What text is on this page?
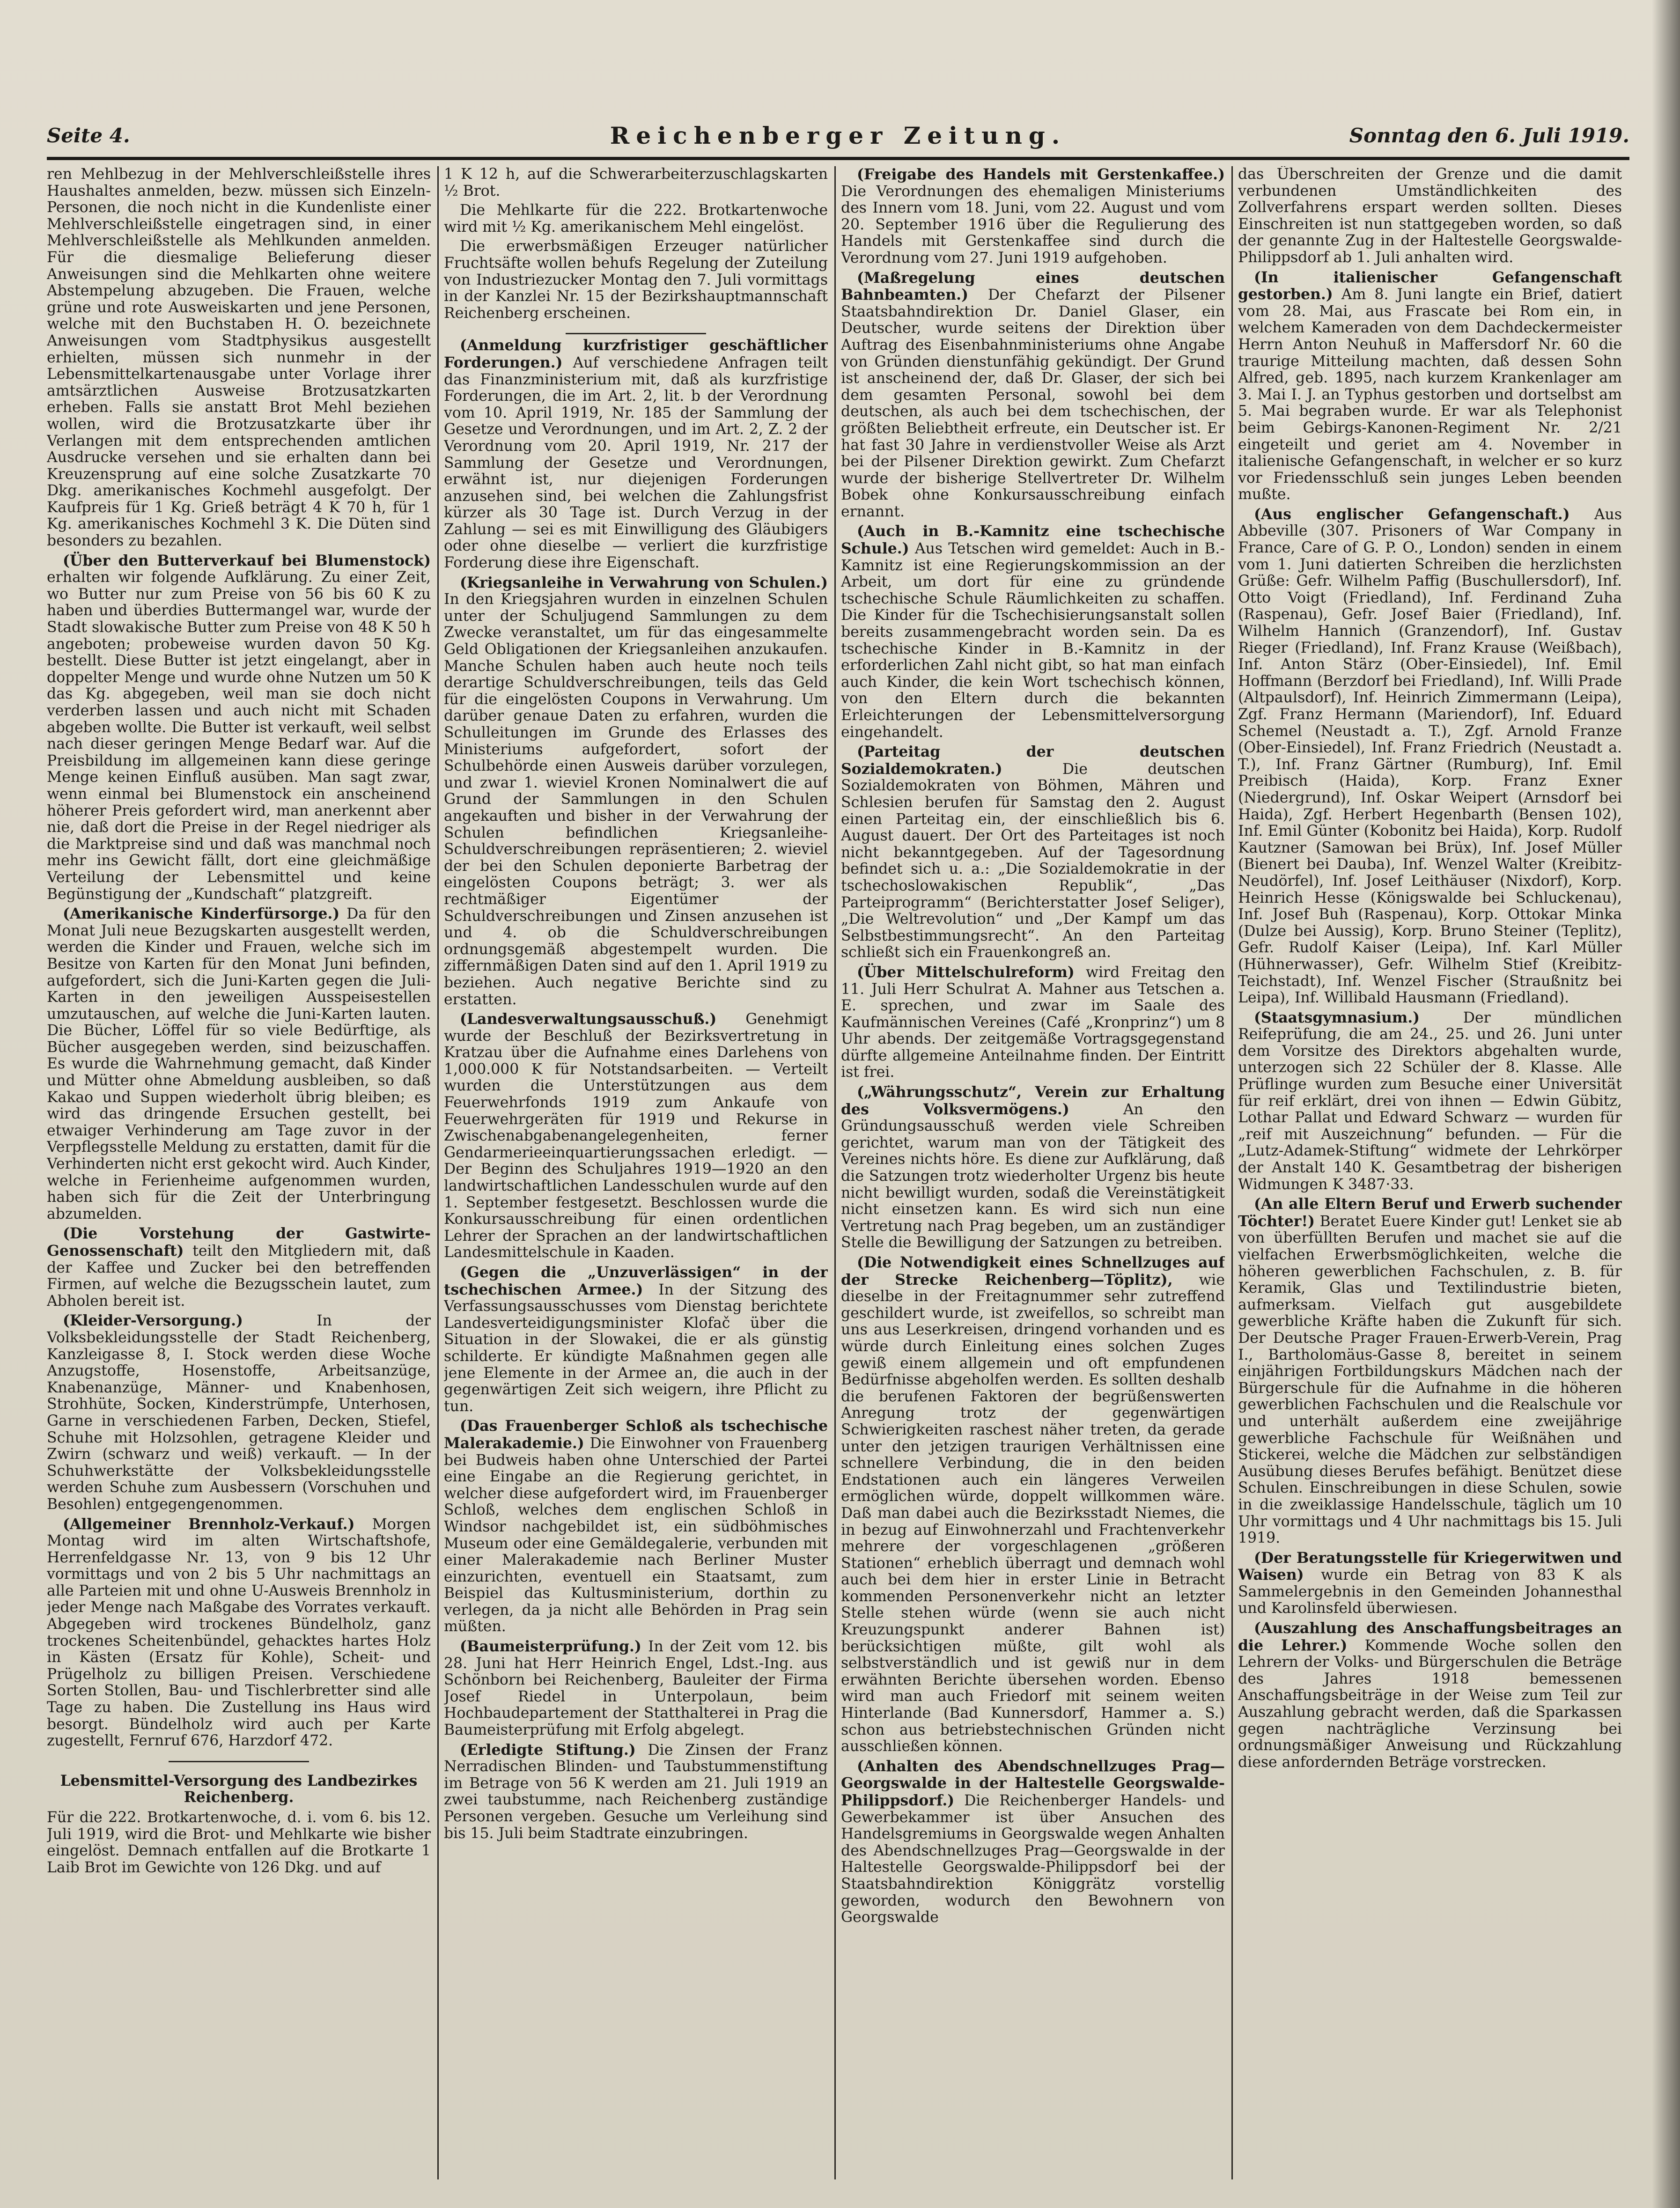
Seite 4.	Reichenberger Zeitung.	Sonntag den 6. Juli 1919.

ren Mehlbezug in der Mehlverschleißstelle ihres Haushaltes anmelden, bezw. müssen sich Einzeln-Personen, die noch nicht in die Kundenliste einer Mehlverschleißstelle eingetragen sind, in einer Mehlverschleißstelle als Mehlkunden anmelden. Für die diesmalige Belieferung dieser Anweisungen sind die Mehlkarten ohne weitere Abstempelung abzugeben. Die Frauen, welche grüne und rote Ausweiskarten und jene Personen, welche mit den Buchstaben H. O. bezeichnete Anweisungen vom Stadtphysikus ausgestellt erhielten, müssen sich nunmehr in der Lebensmittelkartenausgabe unter Vorlage ihrer amtsärztlichen Ausweise Brotzusatzkarten erheben. Falls sie anstatt Brot Mehl beziehen wollen, wird die Brotzusatzkarte über ihr Verlangen mit dem entsprechenden amtlichen Ausdrucke versehen und sie erhalten dann bei Kreuzensprung auf eine solche Zusatzkarte 70 Dkg. amerikanisches Kochmehl ausgefolgt. Der Kaufpreis für 1 Kg. Grieß beträgt 4 K 70 h, für 1 Kg. amerikanisches Kochmehl 3 K. Die Düten sind besonders zu bezahlen.

(Über den Butterverkauf bei Blumenstock) erhalten wir folgende Aufklärung. Zu einer Zeit, wo Butter nur zum Preise von 56 bis 60 K zu haben und überdies Buttermangel war, wurde der Stadt slowakische Butter zum Preise von 48 K 50 h angeboten; probeweise wurden davon 50 Kg. bestellt. Diese Butter ist jetzt eingelangt, aber in doppelter Menge und wurde ohne Nutzen um 50 K das Kg. abgegeben, weil man sie doch nicht verderben lassen und auch nicht mit Schaden abgeben wollte. Die Butter ist verkauft, weil selbst nach dieser geringen Menge Bedarf war. Auf die Preisbildung im allgemeinen kann diese geringe Menge keinen Einfluß ausüben. Man sagt zwar, wenn einmal bei Blumenstock ein anscheinend höherer Preis gefordert wird, man anerkennt aber nie, daß dort die Preise in der Regel niedriger als die Marktpreise sind und daß was manchmal noch mehr ins Gewicht fällt, dort eine gleichmäßige Verteilung der Lebensmittel und keine Begünstigung der „Kundschaft“ platzgreift.

(Amerikanische Kinderfürsorge.) Da für den Monat Juli neue Bezugskarten ausgestellt werden, werden die Kinder und Frauen, welche sich im Besitze von Karten für den Monat Juni befinden, aufgefordert, sich die Juni-Karten gegen die Juli-Karten in den jeweiligen Ausspeisestellen umzutauschen, auf welche die Juni-Karten lauten. Die Bücher, Löffel für so viele Bedürftige, als Bücher ausgegeben werden, sind beizuschaffen. Es wurde die Wahrnehmung gemacht, daß Kinder und Mütter ohne Abmeldung ausbleiben, so daß Kakao und Suppen wiederholt übrig bleiben; es wird das dringende Ersuchen gestellt, bei etwaiger Verhinderung am Tage zuvor in der Verpflegsstelle Meldung zu erstatten, damit für die Verhinderten nicht erst gekocht wird. Auch Kinder, welche in Ferienheime aufgenommen wurden, haben sich für die Zeit der Unterbringung abzumelden.

(Die Vorstehung der Gastwirte-Genossenschaft) teilt den Mitgliedern mit, daß der Kaffee und Zucker bei den betreffenden Firmen, auf welche die Bezugsschein lautet, zum Abholen bereit ist.

(Kleider-Versorgung.)	In der Volksbekleidungsstelle der Stadt Reichenberg, Kanzleigasse 8, I. Stock werden diese Woche Anzugstoffe, Hosenstoffe, Arbeitsanzüge, Knabenanzüge, Männer- und Knabenhosen, Strohhüte, Socken, Kinderstrümpfe, Unterhosen, Garne in verschiedenen Farben, Decken, Stiefel, Schuhe mit Holzsohlen, getragene Kleider und Zwirn (schwarz und weiß) verkauft. — In der Schuhwerkstätte der Volksbekleidungsstelle werden Schuhe zum Ausbessern (Vorschuhen und Besohlen) entgegengenommen.

(Allgemeiner Brennholz-Verkauf.) Morgen Montag wird im alten Wirtschaftshofe, Herrenfeldgasse Nr. 13, von 9 bis 12 Uhr vormittags und von 2 bis 5 Uhr nachmittags an alle Parteien mit und ohne U-Ausweis Brennholz in jeder Menge nach Maßgabe des Vorrates verkauft. Abgegeben wird trockenes Bündelholz, ganz trockenes Scheitenbündel, gehacktes hartes Holz in Kästen (Ersatz für Kohle), Scheit- und Prügelholz zu billigen Preisen. Verschiedene Sorten Stollen, Bau- und Tischlerbretter sind alle Tage zu haben. Die Zustellung ins Haus wird besorgt. Bündelholz wird auch per Karte zugestellt, Fernruf 676, Harzdorf 472.

Lebensmittel-Versorgung des Landbezirkes Reichenberg.

Für die 222. Brotkartenwoche, d. i. vom 6. bis 12. Juli 1919, wird die Brot- und Mehlkarte wie bisher eingelöst. Demnach entfallen auf die Brotkarte 1 Laib Brot im Gewichte von 126 Dkg. und auf

1 K 12 h, auf die Schwerarbeiterzuschlagskarten ½ Brot.

Die Mehlkarte für die 222. Brotkartenwoche wird mit ½ Kg. amerikanischem Mehl eingelöst.

Die erwerbsmäßigen Erzeuger natürlicher Fruchtsäfte wollen behufs Regelung der Zuteilung von Industriezucker Montag den 7. Juli vormittags in der Kanzlei Nr. 15 der Bezirkshauptmannschaft Reichenberg erscheinen.

(Anmeldung kurzfristiger geschäftlicher Forderungen.) Auf verschiedene Anfragen teilt das Finanzministerium mit, daß als kurzfristige Forderungen, die im Art. 2, lit. b der Verordnung vom 10. April 1919, Nr. 185 der Sammlung der Gesetze und Verordnungen, und im Art. 2, Z. 2 der Verordnung vom 20. April 1919, Nr. 217 der Sammlung der Gesetze und Verordnungen, erwähnt ist, nur diejenigen Forderungen anzusehen sind, bei welchen die Zahlungsfrist kürzer als 30 Tage ist. Durch Verzug in der Zahlung — sei es mit Einwilligung des Gläubigers oder ohne dieselbe — verliert die kurzfristige Forderung diese ihre Eigenschaft.

(Kriegsanleihe in Verwahrung von Schulen.) In den Kriegsjahren wurden in einzelnen Schulen unter der Schuljugend Sammlungen zu dem Zwecke veranstaltet, um für das eingesammelte Geld Obligationen der Kriegsanleihen anzukaufen. Manche Schulen haben auch heute noch teils derartige Schuldverschreibungen, teils das Geld für die eingelösten Coupons in Verwahrung. Um darüber genaue Daten zu erfahren, wurden die Schulleitungen im Grunde des Erlasses des Ministeriums aufgefordert, sofort der Schulbehörde einen Ausweis darüber vorzulegen, und zwar 1. wieviel Kronen Nominalwert die auf Grund der Sammlungen in den Schulen angekauften und bisher in der Verwahrung der Schulen befindlichen Kriegsanleihe-Schuldverschreibungen repräsentieren; 2. wieviel der bei den Schulen deponierte Barbetrag der eingelösten Coupons beträgt; 3. wer als rechtmäßiger Eigentümer der Schuldverschreibungen und Zinsen anzusehen ist und 4. ob die Schuldverschreibungen ordnungsgemäß abgestempelt wurden. Die ziffernmäßigen Daten sind auf den 1. April 1919 zu beziehen. Auch negative Berichte sind zu erstatten.

(Landesverwaltungsausschuß.) Genehmigt wurde der Beschluß der Bezirksvertretung in Kratzau über die Aufnahme eines Darlehens von 1,000.000 K für Notstandsarbeiten. — Verteilt wurden die Unterstützungen aus dem Feuerwehrfonds 1919 zum Ankaufe von Feuerwehrgeräten für 1919 und Rekurse in Zwischenabgabenangelegenheiten, ferner Gendarmerieeinquartierungssachen erledigt. — Der Beginn des Schuljahres 1919—1920 an den landwirtschaftlichen Landesschulen wurde auf den 1. September festgesetzt. Beschlossen wurde die Konkursausschreibung für einen ordentlichen Lehrer der Sprachen an der landwirtschaftlichen Landesmittelschule in Kaaden.

(Gegen die „Unzuverlässigen“ in der tschechischen Armee.) In der Sitzung des Verfassungsausschusses vom Dienstag berichtete Landesverteidigungsminister Klofač über die Situation in der Slowakei, die er als günstig schilderte. Er kündigte Maßnahmen gegen alle jene Elemente in der Armee an, die auch in der gegenwärtigen Zeit sich weigern, ihre Pflicht zu tun.

(Das Frauenberger Schloß als tschechische Malerakademie.) Die Einwohner von Frauenberg bei Budweis haben ohne Unterschied der Partei eine Eingabe an die Regierung gerichtet, in welcher diese aufgefordert wird, im Frauenberger Schloß, welches dem englischen Schloß in Windsor nachgebildet ist, ein südböhmisches Museum oder eine Gemäldegalerie, verbunden mit einer Malerakademie nach Berliner Muster einzurichten, eventuell ein Staatsamt, zum Beispiel das Kultusministerium, dorthin zu verlegen, da ja nicht alle Behörden in Prag sein müßten.

(Baumeisterprüfung.) In der Zeit vom 12. bis 28. Juni hat Herr Heinrich Engel, Ldst.-Ing. aus Schönborn bei Reichenberg, Bauleiter der Firma Josef Riedel in Unterpolaun, beim Hochbaudepartement der Statthalterei in Prag die Baumeisterprüfung mit Erfolg abgelegt.

(Erledigte Stiftung.) Die Zinsen der Franz Nerradischen Blinden- und Taubstummenstiftung im Betrage von 56 K werden am 21. Juli 1919 an zwei taubstumme, nach Reichenberg zuständige Personen vergeben. Gesuche um Verleihung sind bis 15. Juli beim Stadtrate einzubringen.

(Freigabe des Handels mit Gerstenkaffee.) Die Verordnungen des ehemaligen Ministeriums des Innern vom 18. Juni, vom 22. August und vom 20. September 1916 über die Regulierung des Handels mit Gerstenkaffee sind durch die Verordnung vom 27. Juni 1919 aufgehoben.

(Maßregelung eines deutschen Bahnbeamten.) Der Chefarzt der Pilsener Staatsbahndirektion Dr. Daniel Glaser, ein Deutscher, wurde seitens der Direktion über Auftrag des Eisenbahnministeriums ohne Angabe von Gründen dienstunfähig gekündigt. Der Grund ist anscheinend der, daß Dr. Glaser, der sich bei dem gesamten Personal, sowohl bei dem deutschen, als auch bei dem tschechischen, der größten Beliebtheit erfreute, ein Deutscher ist. Er hat fast 30 Jahre in verdienstvoller Weise als Arzt bei der Pilsener Direktion gewirkt. Zum Chefarzt wurde der bisherige Stellvertreter Dr. Wilhelm Bobek ohne Konkursausschreibung einfach ernannt.

(Auch in B.-Kamnitz eine tschechische Schule.) Aus Tetschen wird gemeldet: Auch in B.-Kamnitz ist eine Regierungskommission an der Arbeit, um dort für eine zu gründende tschechische Schule Räumlichkeiten zu schaffen. Die Kinder für die Tschechisierungsanstalt sollen bereits zusammengebracht worden sein. Da es tschechische Kinder in B.-Kamnitz in der erforderlichen Zahl nicht gibt, so hat man einfach auch Kinder, die kein Wort tschechisch können, von den Eltern durch die bekannten Erleichterungen der Lebensmittelversorgung eingehandelt.

(Parteitag der deutschen Sozialdemokraten.)	Die deutschen Sozialdemokraten von Böhmen, Mähren und Schlesien berufen für Samstag den 2. August einen Parteitag ein, der einschließlich bis 6. August dauert. Der Ort des Parteitages ist noch nicht bekanntgegeben. Auf der Tagesordnung befindet sich u. a.: „Die Sozialdemokratie in der tschechoslowakischen Republik“, „Das Parteiprogramm“ (Berichterstatter Josef Seliger), „Die Weltrevolution“ und „Der Kampf um das Selbstbestimmungsrecht“. An den Parteitag schließt sich ein Frauenkongreß an.

(Über Mittelschulreform) wird Freitag den 11. Juli Herr Schulrat A. Mahner aus Tetschen a. E. sprechen, und zwar im Saale des Kaufmännischen Vereines (Café „Kronprinz“) um 8 Uhr abends. Der zeitgemäße Vortragsgegenstand dürfte allgemeine Anteilnahme finden. Der Eintritt ist frei.

(„Währungsschutz“, Verein zur Erhaltung des Volksvermögens.)	An den Gründungsausschuß werden viele Schreiben gerichtet, warum man von der Tätigkeit des Vereines nichts höre. Es diene zur Aufklärung, daß die Satzungen trotz wiederholter Urgenz bis heute nicht bewilligt wurden, sodaß die Vereinstätigkeit nicht einsetzen kann. Es wird sich nun eine Vertretung nach Prag begeben, um an zuständiger Stelle die Bewilligung der Satzungen zu betreiben.

(Die Notwendigkeit eines Schnellzuges auf der Strecke Reichenberg—Töplitz), wie dieselbe in der Freitagnummer sehr zutreffend geschildert wurde, ist zweifellos, so schreibt man uns aus Leserkreisen, dringend vorhanden und es würde durch Einleitung eines solchen Zuges gewiß einem allgemein und oft empfundenen Bedürfnisse abgeholfen werden. Es sollten deshalb die berufenen Faktoren der begrüßenswerten Anregung trotz der gegenwärtigen Schwierigkeiten raschest näher treten, da gerade unter den jetzigen traurigen Verhältnissen eine schnellere Verbindung, die in den beiden Endstationen auch ein längeres Verweilen ermöglichen würde, doppelt willkommen wäre. Daß man dabei auch die Bezirksstadt Niemes, die in bezug auf Einwohnerzahl und Frachtenverkehr mehrere der vorgeschlagenen „größeren Stationen“ erheblich überragt und demnach wohl auch bei dem hier in erster Linie in Betracht kommenden Personenverkehr nicht an letzter Stelle stehen würde (wenn sie auch nicht Kreuzungspunkt anderer Bahnen ist) berücksichtigen müßte, gilt wohl als selbstverständlich und ist gewiß nur in dem erwähnten Berichte übersehen worden. Ebenso wird man auch Friedorf mit seinem weiten Hinterlande (Bad Kunnersdorf, Hammer a. S.) schon aus betriebstechnischen Gründen nicht ausschließen können.

(Anhalten des Abendschnellzuges Prag—Georgswalde in der Haltestelle Georgswalde-Philippsdorf.) Die Reichenberger Handels- und Gewerbekammer ist über Ansuchen des Handelsgremiums in Georgswalde wegen Anhalten des Abendschnellzuges Prag—Georgswalde in der Haltestelle Georgswalde-Philippsdorf bei der Staatsbahndirektion Königgrätz vorstellig geworden, wodurch den Bewohnern von Georgswalde

das Überschreiten der Grenze und die damit verbundenen Umständlichkeiten des Zollverfahrens erspart werden sollten. Dieses Einschreiten ist nun stattgegeben worden, so daß der genannte Zug in der Haltestelle Georgswalde-Philippsdorf ab 1. Juli anhalten wird.

(In italienischer Gefangenschaft gestorben.) Am 8. Juni langte ein Brief, datiert vom 28. Mai, aus Frascate bei Rom ein, in welchem Kameraden von dem Dachdeckermeister Herrn Anton Neuhuß in Maffersdorf Nr. 60 die traurige Mitteilung machten, daß dessen Sohn Alfred, geb. 1895, nach kurzem Krankenlager am 3. Mai I. J. an Typhus gestorben und dortselbst am 5. Mai begraben wurde. Er war als Telephonist beim Gebirgs-Kanonen-Regiment Nr. 2/21 eingeteilt und geriet am 4. November in italienische Gefangenschaft, in welcher er so kurz vor Friedensschluß sein junges Leben beenden mußte.

(Aus englischer Gefangenschaft.) Aus Abbeville (307. Prisoners of War Company in France, Care of G. P. O., London) senden in einem vom 1. Juni datierten Schreiben die herzlichsten Grüße: Gefr. Wilhelm Paffig (Buschullersdorf), Inf. Otto Voigt (Friedland), Inf. Ferdinand Zuha (Raspenau), Gefr. Josef Baier (Friedland), Inf. Wilhelm Hannich (Granzendorf), Inf. Gustav Rieger (Friedland), Inf. Franz Krause (Weißbach), Inf. Anton Stärz (Ober-Einsiedel), Inf. Emil Hoffmann (Berzdorf bei Friedland), Inf. Willi Prade (Altpaulsdorf), Inf. Heinrich Zimmermann (Leipa), Zgf. Franz Hermann (Mariendorf), Inf. Eduard Schemel (Neustadt a. T.), Zgf. Arnold Franze (Ober-Einsiedel), Inf. Franz Friedrich (Neustadt a. T.), Inf. Franz Gärtner (Rumburg), Inf. Emil Preibisch (Haida), Korp. Franz Exner (Niedergrund), Inf. Oskar Weipert (Arnsdorf bei Haida), Zgf. Herbert Hegenbarth (Bensen 102), Inf. Emil Günter (Kobonitz bei Haida), Korp. Rudolf Kautzner (Samowan bei Brüx), Inf. Josef Müller (Bienert bei Dauba), Inf. Wenzel Walter (Kreibitz-Neudörfel), Inf. Josef Leithäuser (Nixdorf), Korp. Heinrich Hesse (Königswalde bei Schluckenau), Inf. Josef Buh (Raspenau), Korp. Ottokar Minka (Dulze bei Aussig), Korp. Bruno Steiner (Teplitz), Gefr. Rudolf Kaiser (Leipa), Inf. Karl Müller (Hühnerwasser), Gefr. Wilhelm Stief (Kreibitz-Teichstadt), Inf. Wenzel Fischer (Straußnitz bei Leipa), Inf. Willibald Hausmann (Friedland).

(Staatsgymnasium.)	Der mündlichen Reifeprüfung, die am 24., 25. und 26. Juni unter dem Vorsitze des Direktors abgehalten wurde, unterzogen sich 22 Schüler der 8. Klasse. Alle Prüflinge wurden zum Besuche einer Universität für reif erklärt, drei von ihnen — Edwin Gübitz, Lothar Pallat und Edward Schwarz — wurden für „reif mit Auszeichnung“ befunden. — Für die „Lutz-Adamek-Stiftung“ widmete der Lehrkörper der Anstalt 140 K. Gesamtbetrag der bisherigen Widmungen K 3487·33.

(An alle Eltern Beruf und Erwerb suchender Töchter!) Beratet Euere Kinder gut! Lenket sie ab von überfüllten Berufen und machet sie auf die vielfachen Erwerbsmöglichkeiten, welche die höheren gewerblichen Fachschulen, z. B. für Keramik, Glas und Textilindustrie bieten, aufmerksam. Vielfach gut ausgebildete gewerbliche Kräfte haben die Zukunft für sich. Der Deutsche Prager Frauen-Erwerb-Verein, Prag I., Bartholomäus-Gasse 8, bereitet in seinem einjährigen Fortbildungskurs Mädchen nach der Bürgerschule für die Aufnahme in die höheren gewerblichen Fachschulen und die Realschule vor und unterhält außerdem eine zweijährige gewerbliche Fachschule für Weißnähen und Stickerei, welche die Mädchen zur selbständigen Ausübung dieses Berufes befähigt. Benützet diese Schulen. Einschreibungen in diese Schulen, sowie in die zweiklassige Handelsschule, täglich um 10 Uhr vormittags und 4 Uhr nachmittags bis 15. Juli 1919.

(Der Beratungsstelle für Kriegerwitwen und Waisen) wurde ein Betrag von 83 K als Sammelergebnis in den Gemeinden Johannesthal und Karolinsfeld überwiesen.

(Auszahlung des Anschaffungsbeitrages an die Lehrer.) Kommende Woche sollen den Lehrern der Volks- und Bürgerschulen die Beträge des Jahres 1918 bemessenen Anschaffungsbeiträge in der Weise zum Teil zur Auszahlung gebracht werden, daß die Sparkassen gegen nachträgliche Verzinsung bei ordnungsmäßiger Anweisung und Rückzahlung diese anfordernden Beträge vorstrecken.
